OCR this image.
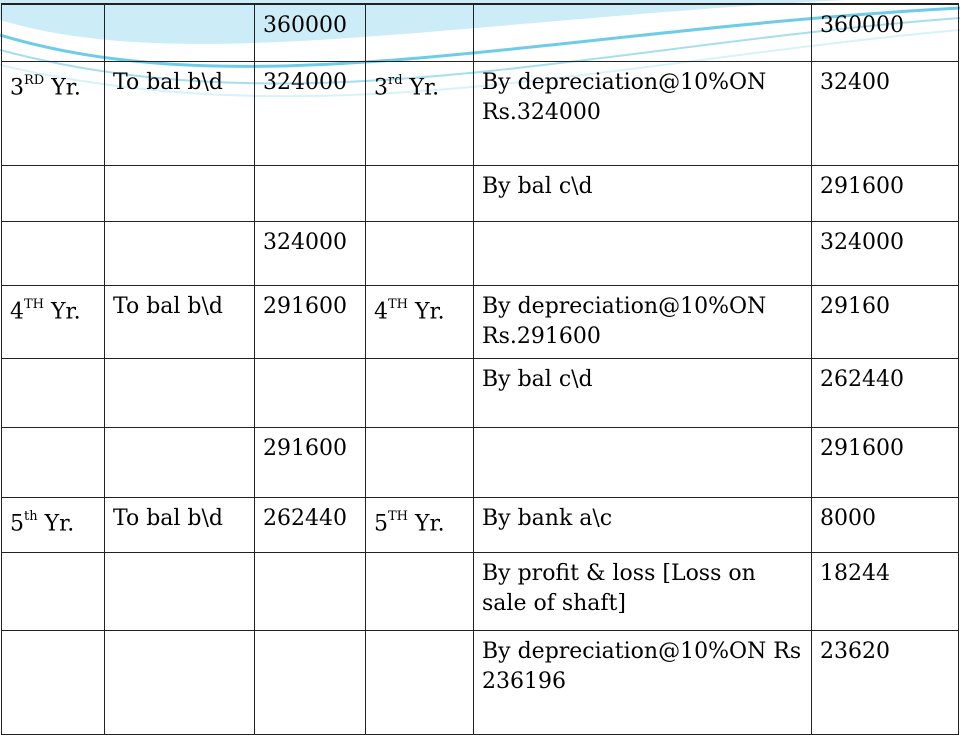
		360000			360000
3RD Yr.	To bal b\d	324000	3rd Yr.	By depreciation@10%ON Rs.324000	32400
				By bal c\d	291600
		324000			324000
4TH Yr.	To bal b\d	291600	4TH Yr.	By depreciation@10%ON Rs.291600	29160
				By bal c\d	262440
		291600			291600
5th Yr.	To bal b\d	262440	5TH Yr.	By bank a\c	8000
				By profit & loss [Loss on sale of shaft]	18244
				By depreciation@10%ON Rs 236196	23620
